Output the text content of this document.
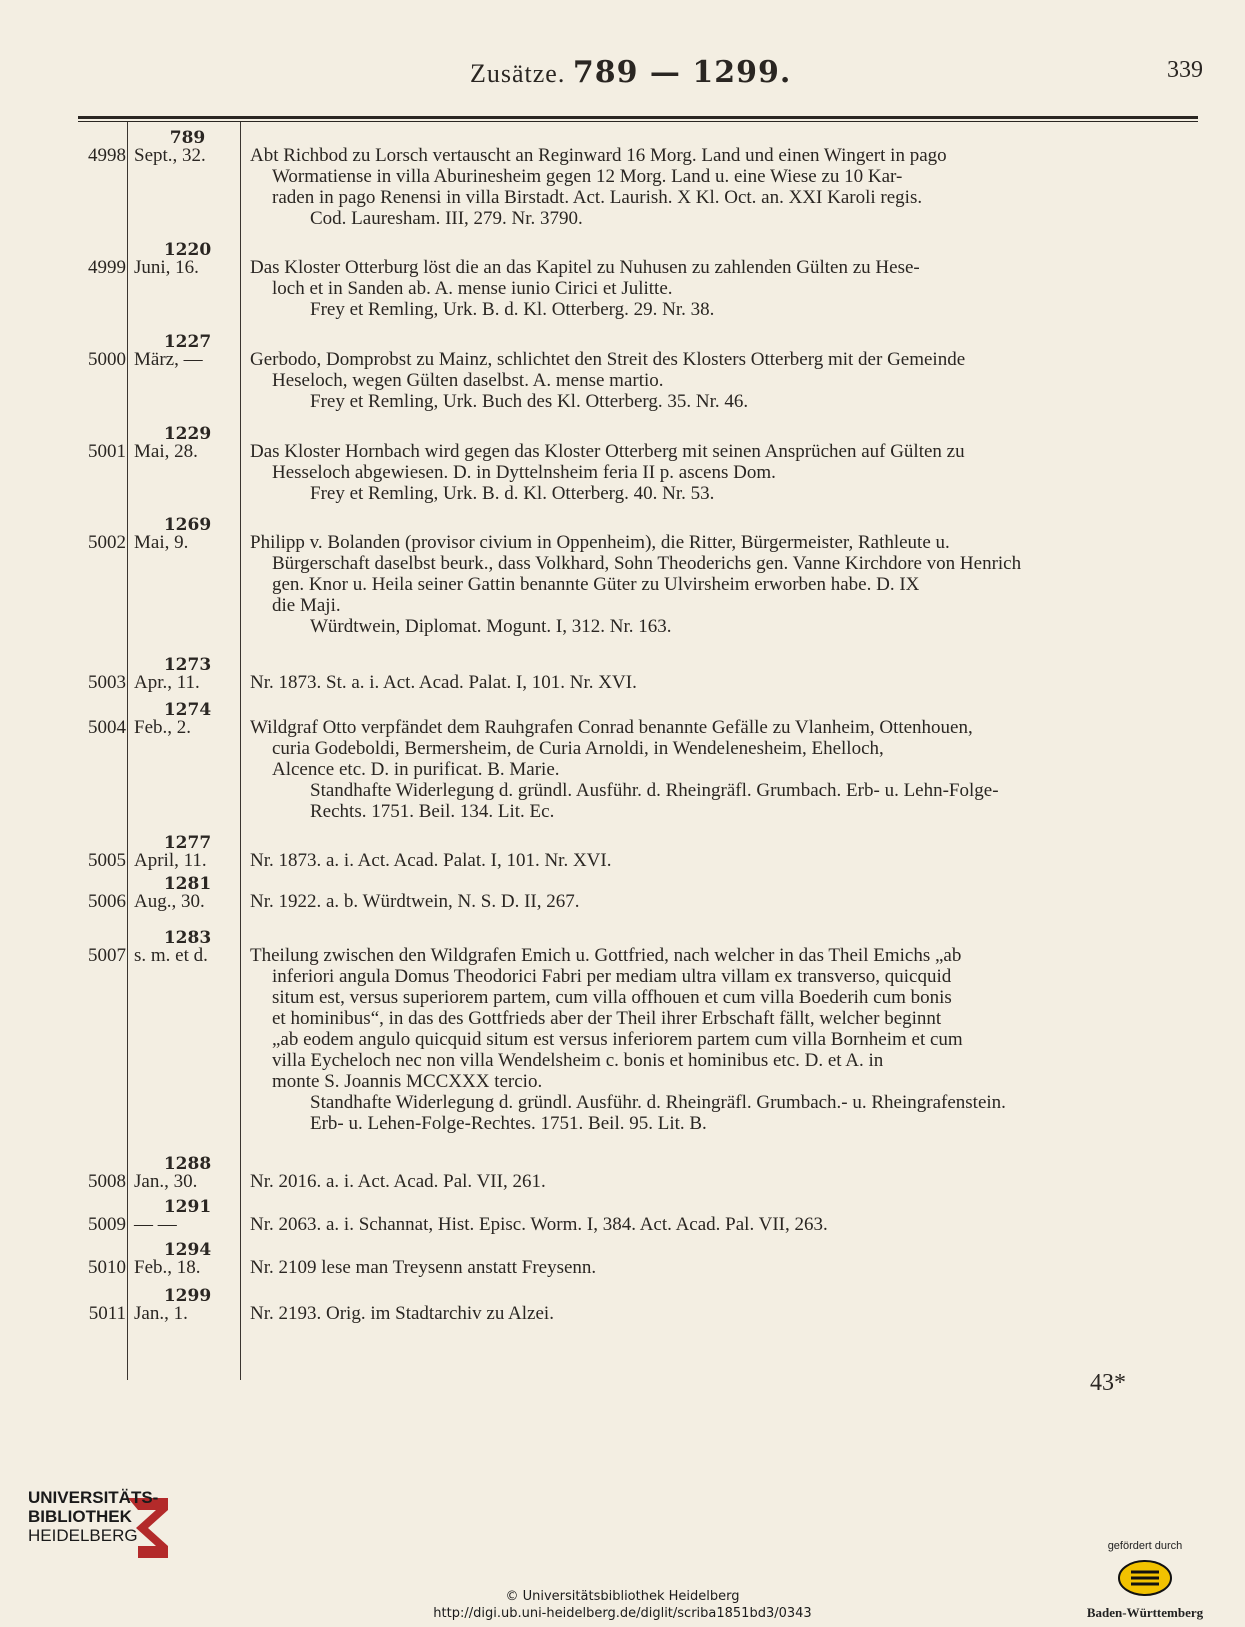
Zusätze. 789 — 1299.	339
789
4998 Sept., 32.	Abt Richbod zu Lorsch vertauscht an Reginward 16 Morg. Land und einen Wingert in pago
Wormatiense in villa Aburinesheim gegen 12 Morg. Land u. eine Wiese zu 10 Kar-
raden in pago Renensi in villa Birstadt. Act. Laurish. X Kl. Oct. an. XXI Karoli regis.
Cod. Lauresham. III, 279. Nr. 3790.
1220
4999 Juni, 16.	Das Kloster Otterburg löst die an das Kapitel zu Nuhusen zu zahlenden Gülten zu Hese-
loch et in Sanden ab. A. mense iunio Cirici et Julitte.
Frey et Remling, Urk. B. d. Kl. Otterberg. 29. Nr. 38.
1227
5000 März, —	Gerbodo, Domprobst zu Mainz, schlichtet den Streit des Klosters Otterberg mit der Gemeinde
Heseloch, wegen Gülten daselbst. A. mense martio.
Frey et Remling, Urk. Buch des Kl. Otterberg. 35. Nr. 46.
1229
5001 Mai, 28.	Das Kloster Hornbach wird gegen das Kloster Otterberg mit seinen Ansprüchen auf Gülten zu
Hesseloch abgewiesen. D. in Dyttelnsheim feria II p. ascens Dom.
Frey et Remling, Urk. B. d. Kl. Otterberg. 40. Nr. 53.
1269
5002 Mai, 9.	Philipp v. Bolanden (provisor civium in Oppenheim), die Ritter, Bürgermeister, Rathleute u.
Bürgerschaft daselbst beurk., dass Volkhard, Sohn Theoderichs gen. Vanne Kirchdore von Henrich
gen. Knor u. Heila seiner Gattin benannte Güter zu Ulvirsheim erworben habe. D. IX
die Maji.
Würdtwein, Diplomat. Mogunt. I, 312. Nr. 163.
1273
5003 Apr., 11.	Nr. 1873. St. a. i. Act. Acad. Palat. I, 101. Nr. XVI.
1274
5004 Feb., 2.	Wildgraf Otto verpfändet dem Rauhgrafen Conrad benannte Gefälle zu Vlanheim, Ottenhouen,
curia Godeboldi, Bermersheim, de Curia Arnoldi, in Wendelenesheim, Ehelloch,
Alcence etc. D. in purificat. B. Marie.
Standhafte Widerlegung d. gründl. Ausführ. d. Rheingräfl. Grumbach. Erb- u. Lehn-Folge-
Rechts. 1751. Beil. 134. Lit. Ec.
1277
5005 April, 11.	Nr. 1873. a. i. Act. Acad. Palat. I, 101. Nr. XVI.
1281
5006 Aug., 30.	Nr. 1922. a. b. Würdtwein, N. S. D. II, 267.
1283
5007 s. m. et d.	Theilung zwischen den Wildgrafen Emich u. Gottfried, nach welcher in das Theil Emichs „ab
inferiori angula Domus Theodorici Fabri per mediam ultra villam ex transverso, quicquid
situm est, versus superiorem partem, cum villa offhouen et cum villa Boederih cum bonis
et hominibus“, in das des Gottfrieds aber der Theil ihrer Erbschaft fällt, welcher beginnt
„ab eodem angulo quicquid situm est versus inferiorem partem cum villa Bornheim et cum
villa Eycheloch nec non villa Wendelsheim c. bonis et hominibus etc. D. et A. in
monte S. Joannis MCCXXX tercio.
Standhafte Widerlegung d. gründl. Ausführ. d. Rheingräfl. Grumbach.- u. Rheingrafenstein.
Erb- u. Lehen-Folge-Rechtes. 1751. Beil. 95. Lit. B.
1288
5008 Jan., 30.	Nr. 2016. a. i. Act. Acad. Pal. VII, 261.
1291
5009 — —	Nr. 2063. a. i. Schannat, Hist. Episc. Worm. I, 384. Act. Acad. Pal. VII, 263.
1294
5010 Feb., 18.	Nr. 2109 lese man Treysenn anstatt Freysenn.
1299
5011 Jan., 1.	Nr. 2193. Orig. im Stadtarchiv zu Alzei.
43*
UNIVERSITÄTS-
BIBLIOTHEK
HEIDELBERG
© Universitätsbibliothek Heidelberg
http://digi.ub.uni-heidelberg.de/diglit/scriba1851bd3/0343
gefördert durch
Baden-Württemberg
